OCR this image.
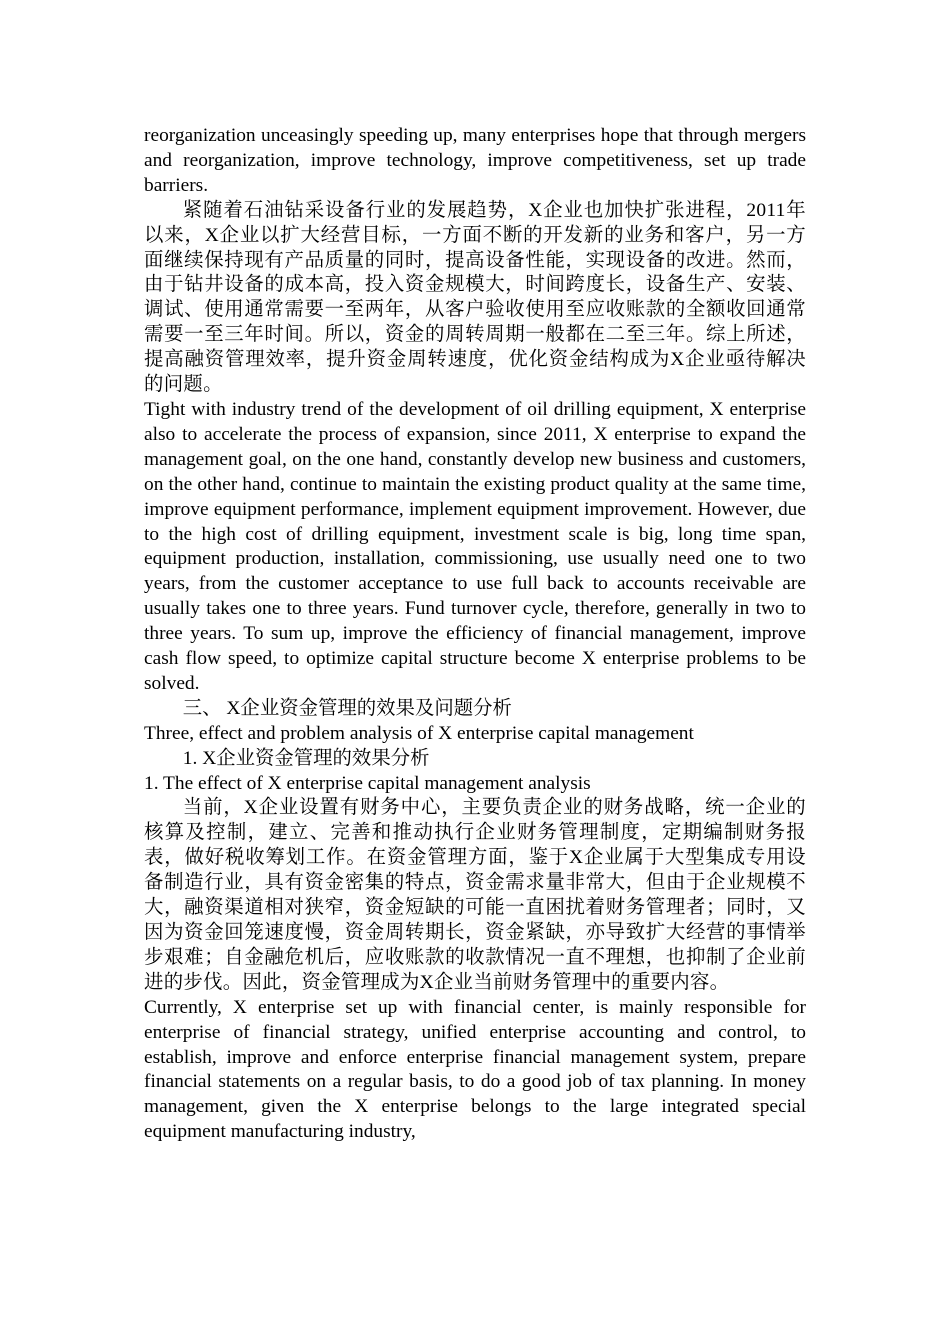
reorganization unceasingly speeding up, many enterprises hope that through mergers and reorganization, improve technology, improve competitiveness, set up trade barriers.

紧随着石油钻采设备行业的发展趋势，X企业也加快扩张进程，2011年以来，X企业以扩大经营目标，一方面不断的开发新的业务和客户，另一方面继续保持现有产品质量的同时，提高设备性能，实现设备的改进。然而，由于钻井设备的成本高，投入资金规模大，时间跨度长，设备生产、安装、调试、使用通常需要一至两年，从客户验收使用至应收账款的全额收回通常需要一至三年时间。所以，资金的周转周期一般都在二至三年。综上所述，提高融资管理效率，提升资金周转速度，优化资金结构成为X企业亟待解决的问题。

Tight with industry trend of the development of oil drilling equipment, X enterprise also to accelerate the process of expansion, since 2011, X enterprise to expand the management goal, on the one hand, constantly develop new business and customers, on the other hand, continue to maintain the existing product quality at the same time, improve equipment performance, implement equipment improvement. However, due to the high cost of drilling equipment, investment scale is big, long time span, equipment production, installation, commissioning, use usually need one to two years, from the customer acceptance to use full back to accounts receivable are usually takes one to three years. Fund turnover cycle, therefore, generally in two to three years. To sum up, improve the efficiency of financial management, improve cash flow speed, to optimize capital structure become X enterprise problems to be solved.

三、 X企业资金管理的效果及问题分析

Three, effect and problem analysis of X enterprise capital management

1. X企业资金管理的效果分析

1. The effect of X enterprise capital management analysis

当前，X企业设置有财务中心，主要负责企业的财务战略，统一企业的核算及控制，建立、完善和推动执行企业财务管理制度，定期编制财务报表，做好税收筹划工作。在资金管理方面，鉴于X企业属于大型集成专用设备制造行业，具有资金密集的特点，资金需求量非常大，但由于企业规模不大，融资渠道相对狭窄，资金短缺的可能一直困扰着财务管理者；同时，又因为资金回笼速度慢，资金周转期长，资金紧缺，亦导致扩大经营的事情举步艰难；自金融危机后，应收账款的收款情况一直不理想，也抑制了企业前进的步伐。因此，资金管理成为X企业当前财务管理中的重要内容。

Currently, X enterprise set up with financial center, is mainly responsible for enterprise of financial strategy, unified enterprise accounting and control, to establish, improve and enforce enterprise financial management system, prepare financial statements on a regular basis, to do a good job of tax planning. In money management, given the X enterprise belongs to the large integrated special equipment manufacturing industry,
